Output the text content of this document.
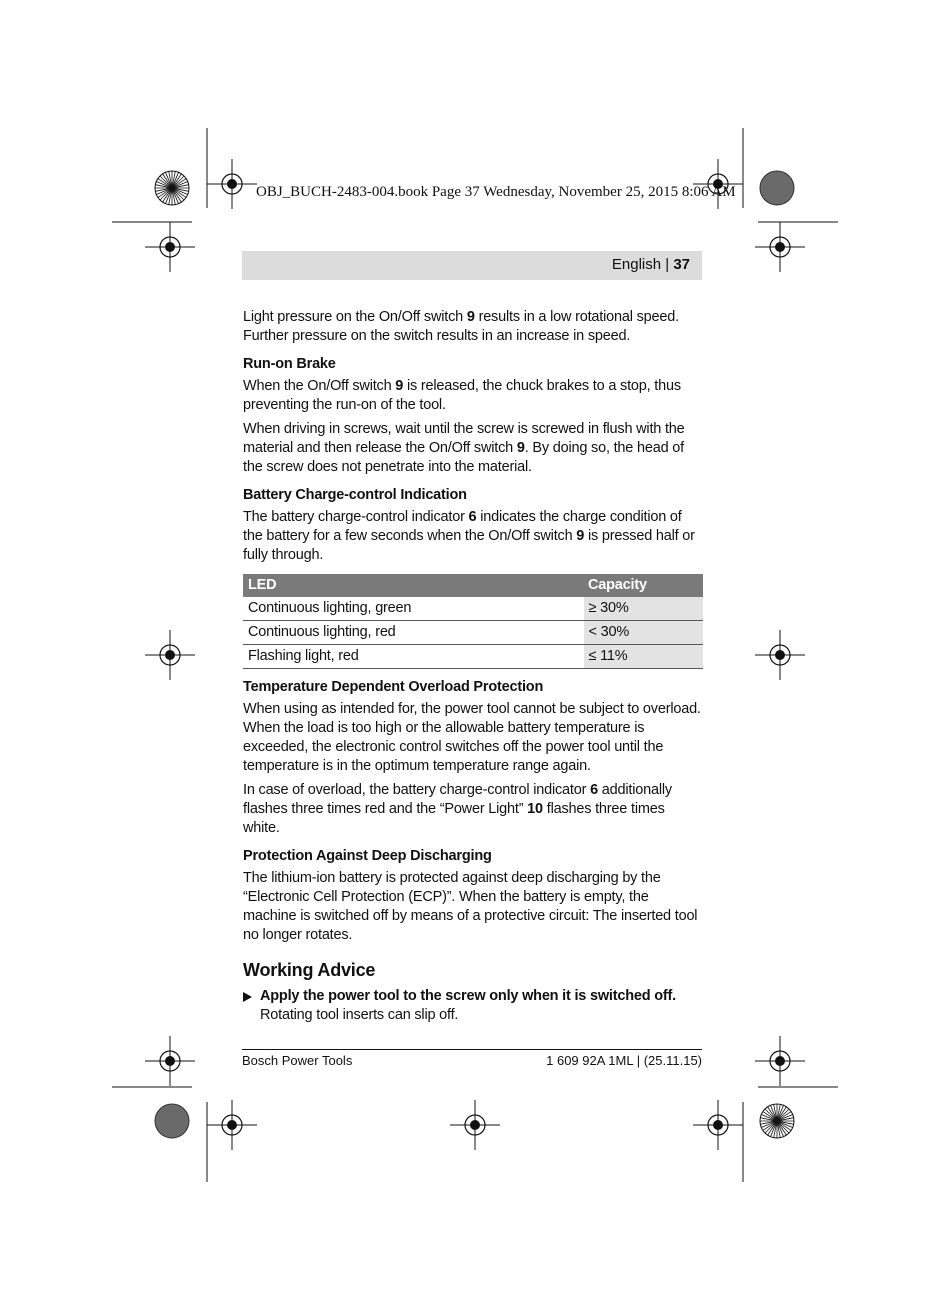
OBJ_BUCH-2483-004.book Page 37 Wednesday, November 25, 2015 8:06 AM
English | 37

Light pressure on the On/Off switch 9 results in a low rotational speed. Further pressure on the switch results in an increase in speed.

Run-on Brake

When the On/Off switch 9 is released, the chuck brakes to a stop, thus preventing the run-on of the tool.

When driving in screws, wait until the screw is screwed in flush with the material and then release the On/Off switch 9. By doing so, the head of the screw does not penetrate into the material.

Battery Charge-control Indication

The battery charge-control indicator 6 indicates the charge condition of the battery for a few seconds when the On/Off switch 9 is pressed half or fully through.

LED	Capacity
Continuous lighting, green	≥ 30%
Continuous lighting, red	< 30%
Flashing light, red	≤ 11%
Temperature Dependent Overload Protection

When using as intended for, the power tool cannot be subject to overload. When the load is too high or the allowable battery temperature is exceeded, the electronic control switches off the power tool until the temperature is in the optimum temperature range again.

In case of overload, the battery charge-control indicator 6 additionally flashes three times red and the “Power Light” 10 flashes three times white.

Protection Against Deep Discharging

The lithium-ion battery is protected against deep discharging by the “Electronic Cell Protection (ECP)”. When the battery is empty, the machine is switched off by means of a protective circuit: The inserted tool no longer rotates.

Working Advice

Apply the power tool to the screw only when it is switched off. Rotating tool inserts can slip off.

Bosch Power Tools	1 609 92A 1ML | (25.11.15)
